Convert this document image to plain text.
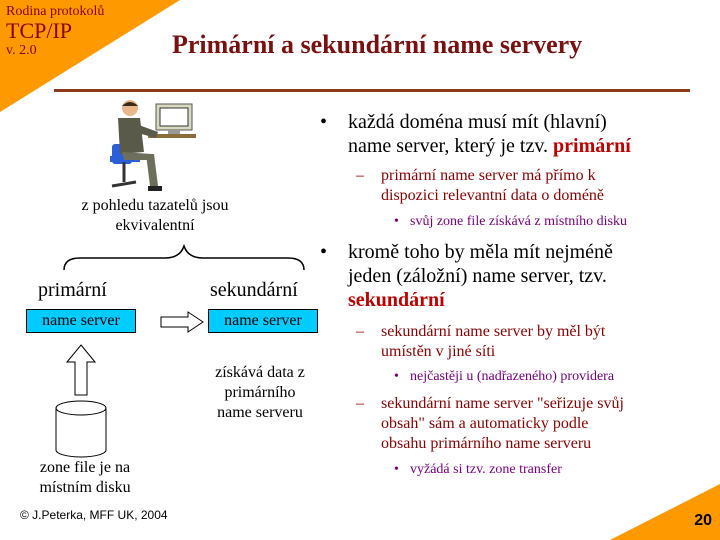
Rodina protokolů
TCP/IP
v. 2.0	Primární a sekundární name servery
• každá doména musí mít (hlavní)
name server, který je tzv. primární
– primární name server má přímo k
dispozici relevantní data o doméně
• svůj zone file získává z místního disku
• kromě toho by měla mít nejméně
jeden (záložní) name server, tzv.
sekundární
– sekundární name server by měl být
umístěn v jiné síti
• nejčastěji u (nadřazeného) providera
– sekundární name server "seřizuje svůj
obsah" sám a automaticky podle
obsahu primárního name serveru
• vyžádá si tzv. zone transfer
z pohledu tazatelů jsou
ekvivalentní
primární	sekundární
name server	name server
získává data z
primárního
name serveru
zone file je na
místním disku
© J.Peterka, MFF UK, 2004	20
